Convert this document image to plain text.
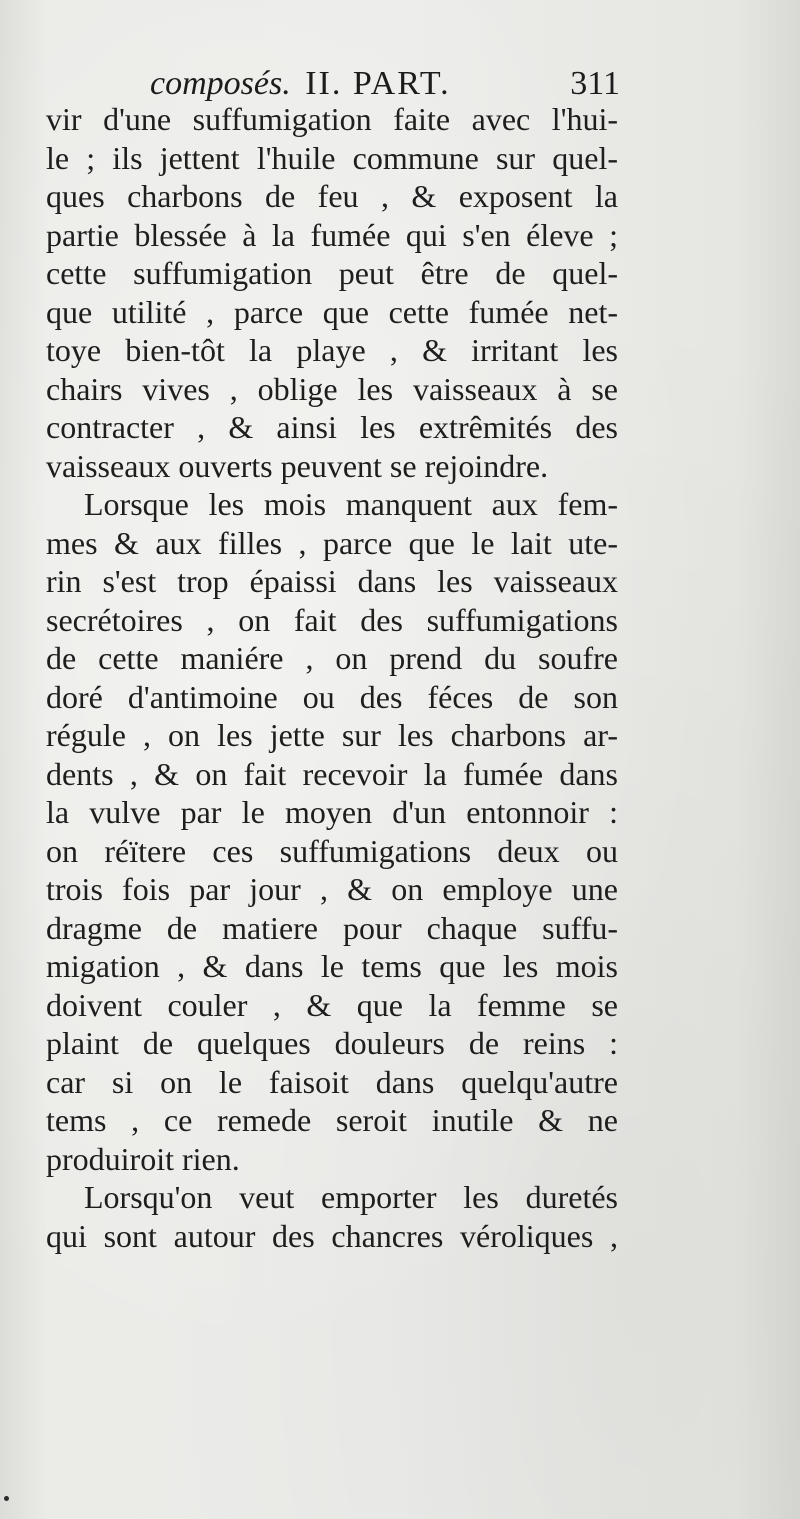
composés. II. PART.	311
vir d'une suffumigation faite avec l'hui-
le ; ils jettent l'huile commune sur quel-
ques charbons de feu , & exposent la
partie blessée à la fumée qui s'en éleve ;
cette suffumigation peut être de quel-
que utilité , parce que cette fumée net-
toye bien-tôt la playe , & irritant les
chairs vives , oblige les vaisseaux à se
contracter , & ainsi les extrêmités des
vaisseaux ouverts peuvent se rejoindre.
Lorsque les mois manquent aux fem-
mes & aux filles , parce que le lait ute-
rin s'est trop épaissi dans les vaisseaux
secrétoires , on fait des suffumigations
de cette maniére , on prend du soufre
doré d'antimoine ou des féces de son
régule , on les jette sur les charbons ar-
dents , & on fait recevoir la fumée dans
la vulve par le moyen d'un entonnoir :
on réïtere ces suffumigations deux ou
trois fois par jour , & on employe une
dragme de matiere pour chaque suffu-
migation , & dans le tems que les mois
doivent couler , & que la femme se
plaint de quelques douleurs de reins :
car si on le faisoit dans quelqu'autre
tems , ce remede seroit inutile & ne
produiroit rien.
Lorsqu'on veut emporter les duretés
qui sont autour des chancres véroliques ,
